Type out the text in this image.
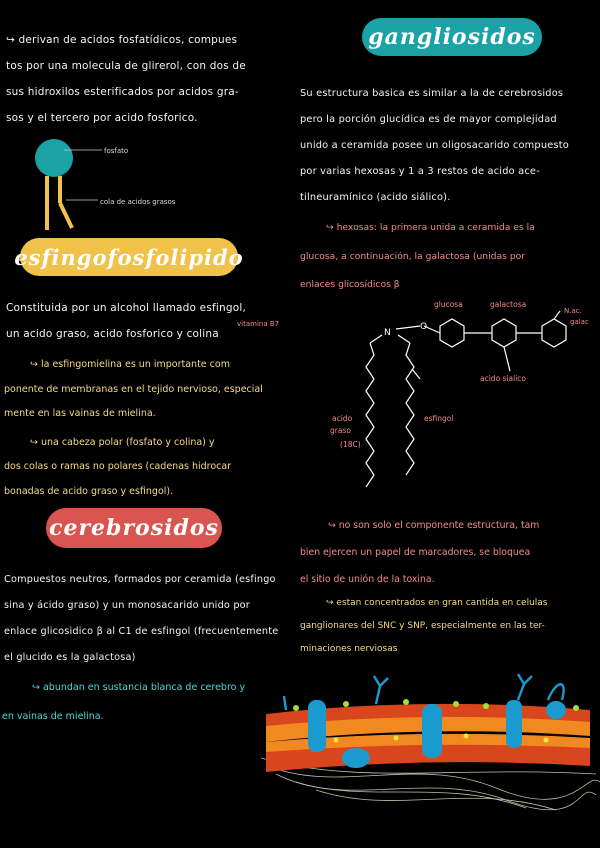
↪ derivan de acidos fosfatídicos, compues
tos por una molecula de glirerol, con dos de
sus hidroxilos esterificados por acidos gra-
sos y el tercero por acido fosforico.
fosfato
cola de acidos grasos
esfingofosfolipido
Constituida por un alcohol llamado esfingol,
un acido graso, acido fosforico y colina
vitamina B7
↪ la esfingomielina es un importante com
ponente de membranas en el tejido nervioso, especial
mente en las vainas de mielina.
↪ una cabeza polar (fosfato y colina) y
dos colas o ramas no polares (cadenas hidrocar
bonadas de acido graso y esfingol).
cerebrosidos
Compuestos neutros, formados por ceramida (esfingo
sina y ácido graso) y un monosacarido unido por
enlace glicosidico β al C1 de esfingol (frecuentemente
el glucido es la galactosa)
↪ abundan en sustancia blanca de cerebro y
en vainas de mielina.
gangliosidos
Su estructura basica es similar a la de cerebrosidos
pero la porción glucídica es de mayor complejidad
unido a ceramida posee un oligosacarido compuesto
por varias hexosas y 1 a 3 restos de acido ace-
tilneuramínico (acido siálico).
↪ hexosas: la primera unida a ceramida es la
glucosa, a continuación, la galactosa (unidas por
enlaces glicosídicos β
N
O
glucosa	galactosa
N.ac.
galac
acido sialico
acido
graso
(18C)
esfingol
↪ no son solo el componente estructura, tam
bien ejercen un papel de marcadores, se bloquea
el sitio de unión de la toxina.
↪ estan concentrados en gran cantida en celulas
ganglionares del SNC y SNP, especialmente en las ter-
minaciones nerviosas
